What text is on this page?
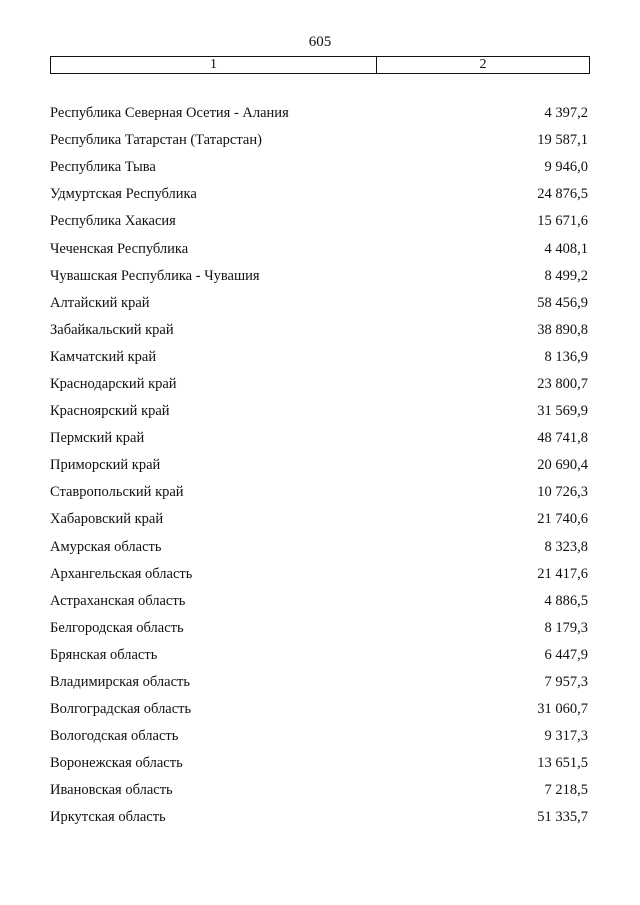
605
1	2
Республика Северная Осетия - Алания	4 397,2
Республика Татарстан (Татарстан)	19 587,1
Республика Тыва	9 946,0
Удмуртская Республика	24 876,5
Республика Хакасия	15 671,6
Чеченская Республика	4 408,1
Чувашская Республика - Чувашия	8 499,2
Алтайский край	58 456,9
Забайкальский край	38 890,8
Камчатский край	8 136,9
Краснодарский край	23 800,7
Красноярский край	31 569,9
Пермский край	48 741,8
Приморский край	20 690,4
Ставропольский край	10 726,3
Хабаровский край	21 740,6
Амурская область	8 323,8
Архангельская область	21 417,6
Астраханская область	4 886,5
Белгородская область	8 179,3
Брянская область	6 447,9
Владимирская область	7 957,3
Волгоградская область	31 060,7
Вологодская область	9 317,3
Воронежская область	13 651,5
Ивановская область	7 218,5
Иркутская область	51 335,7
